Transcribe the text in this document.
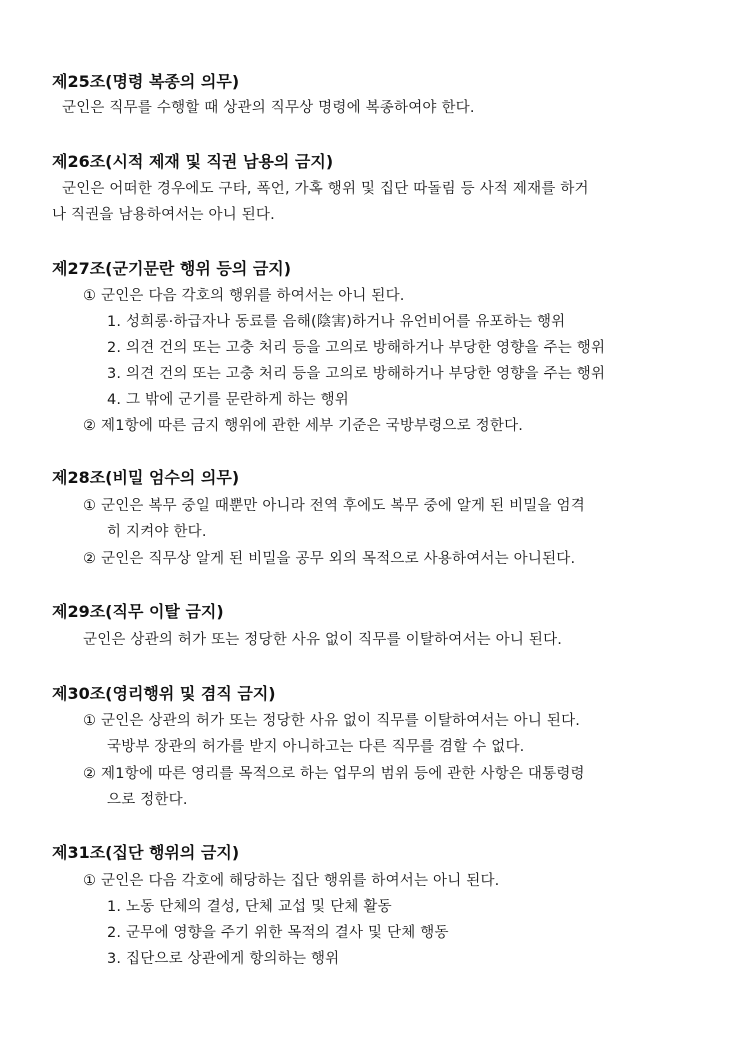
제25조(명령 복종의 의무)
군인은 직무를 수행할 때 상관의 직무상 명령에 복종하여야 한다.
제26조(시적 제재 및 직권 남용의 금지)
군인은 어떠한 경우에도 구타, 폭언, 가혹 행위 및 집단 따돌림 등 사적 제재를 하거
나 직권을 남용하여서는 아니 된다.
제27조(군기문란 행위 등의 금지)
① 군인은 다음 각호의 행위를 하여서는 아니 된다.
1. 성희롱·하급자나 동료를 음해(陰害)하거나 유언비어를 유포하는 행위
2. 의견 건의 또는 고충 처리 등을 고의로 방해하거나 부당한 영향을 주는 행위
3. 의견 건의 또는 고충 처리 등을 고의로 방해하거나 부당한 영향을 주는 행위
4. 그 밖에 군기를 문란하게 하는 행위
② 제1항에 따른 금지 행위에 관한 세부 기준은 국방부령으로 정한다.
제28조(비밀 엄수의 의무)
① 군인은 복무 중일 때뿐만 아니라 전역 후에도 복무 중에 알게 된 비밀을 엄격
히 지켜야 한다.
② 군인은 직무상 알게 된 비밀을 공무 외의 목적으로 사용하여서는 아니된다.
제29조(직무 이탈 금지)
군인은 상관의 허가 또는 정당한 사유 없이 직무를 이탈하여서는 아니 된다.
제30조(영리행위 및 겸직 금지)
① 군인은 상관의 허가 또는 정당한 사유 없이 직무를 이탈하여서는 아니 된다.
국방부 장관의 허가를 받지 아니하고는 다른 직무를 겸할 수 없다.
② 제1항에 따른 영리를 목적으로 하는 업무의 범위 등에 관한 사항은 대통령령
으로 정한다.
제31조(집단 행위의 금지)
① 군인은 다음 각호에 해당하는 집단 행위를 하여서는 아니 된다.
1. 노동 단체의 결성, 단체 교섭 및 단체 활동
2. 군무에 영향을 주기 위한 목적의 결사 및 단체 행동
3. 집단으로 상관에게 항의하는 행위
